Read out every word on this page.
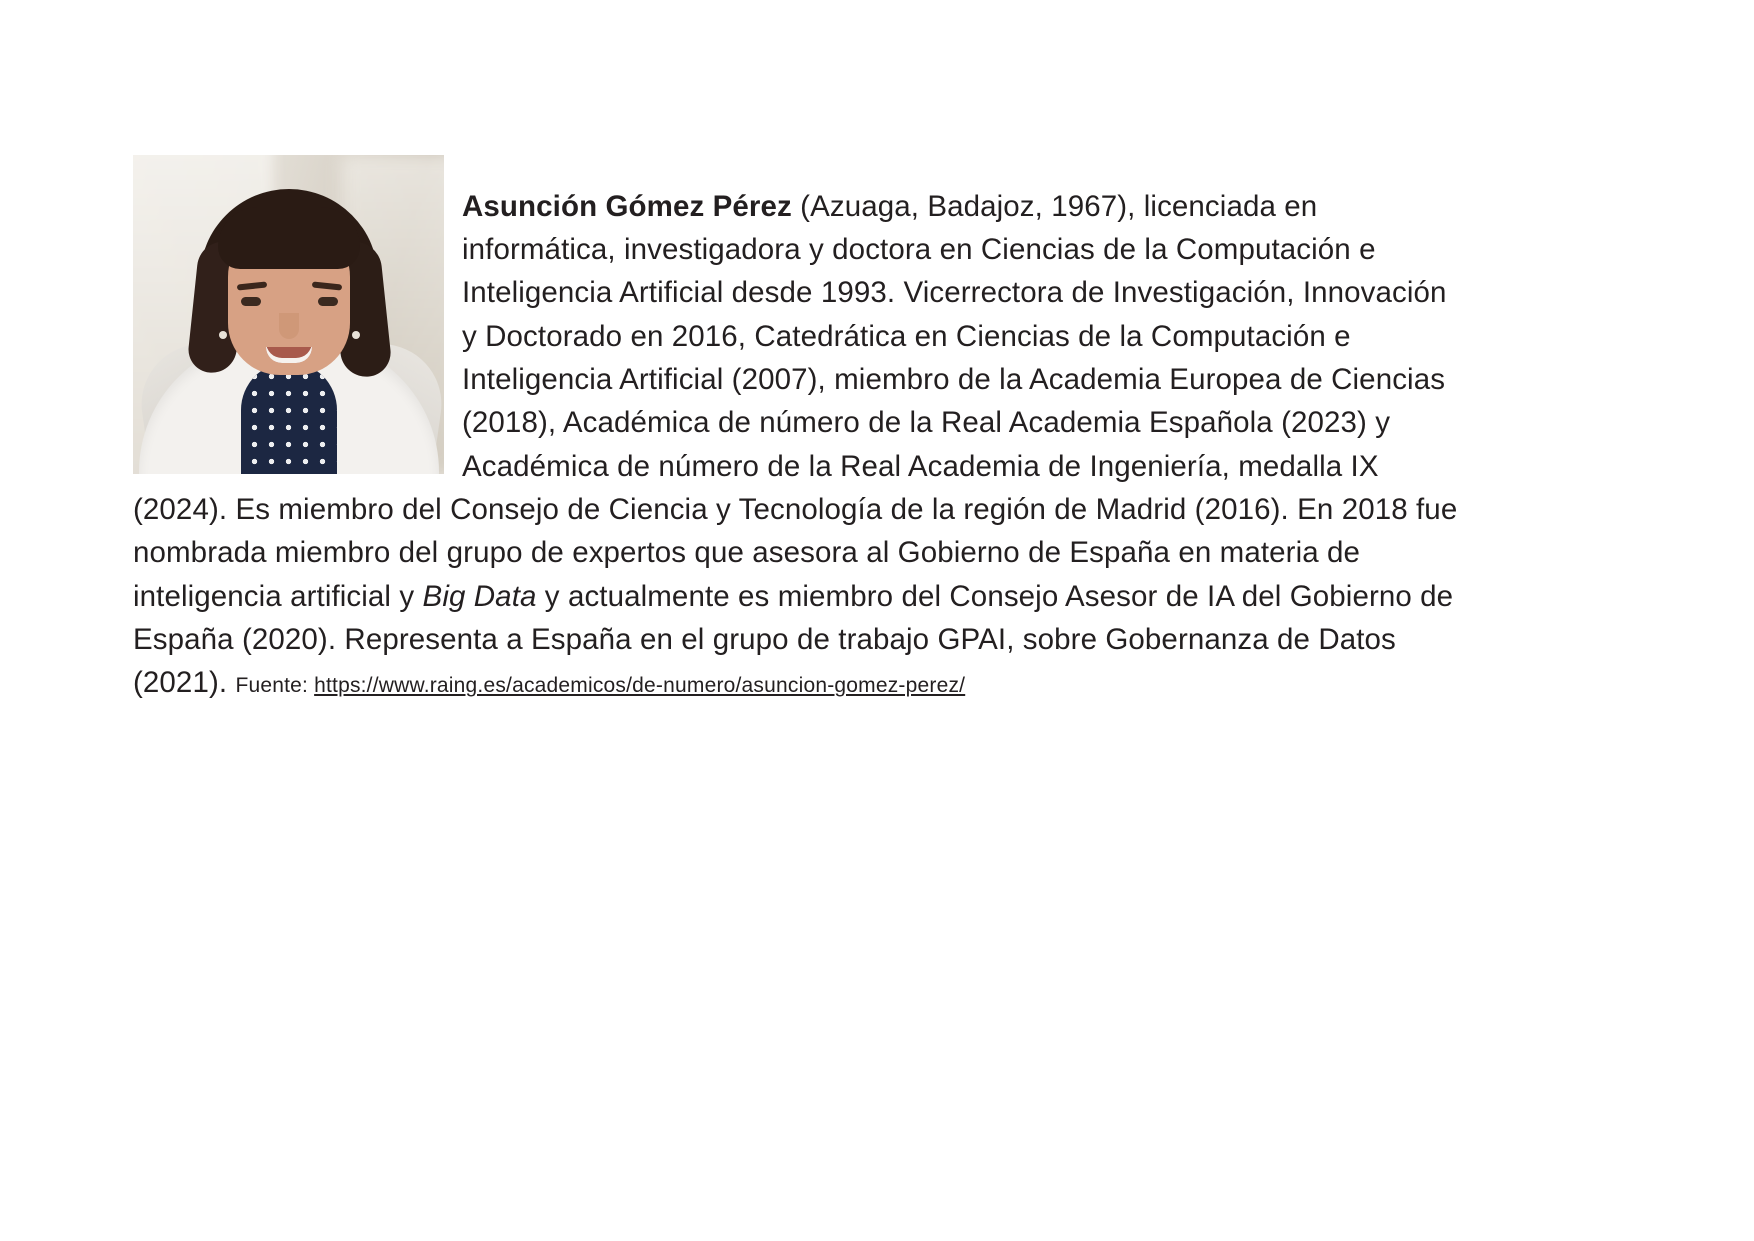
Asunción Gómez Pérez (Azuaga, Badajoz, 1967), licenciada en informática, investigadora y doctora en Ciencias de la Computación e Inteligencia Artificial desde 1993. Vicerrectora de Investigación, Innovación y Doctorado en 2016, Catedrática en Ciencias de la Computación e Inteligencia Artificial (2007), miembro de la Academia Europea de Ciencias (2018), Académica de número de la Real Academia Española (2023) y Académica de número de la Real Academia de Ingeniería, medalla IX (2024). Es miembro del Consejo de Ciencia y Tecnología de la región de Madrid (2016). En 2018 fue nombrada miembro del grupo de expertos que asesora al Gobierno de España en materia de inteligencia artificial y Big Data y actualmente es miembro del Consejo Asesor de IA del Gobierno de España (2020). Representa a España en el grupo de trabajo GPAI, sobre Gobernanza de Datos (2021). Fuente: https://www.raing.es/academicos/de-numero/asuncion-gomez-perez/
